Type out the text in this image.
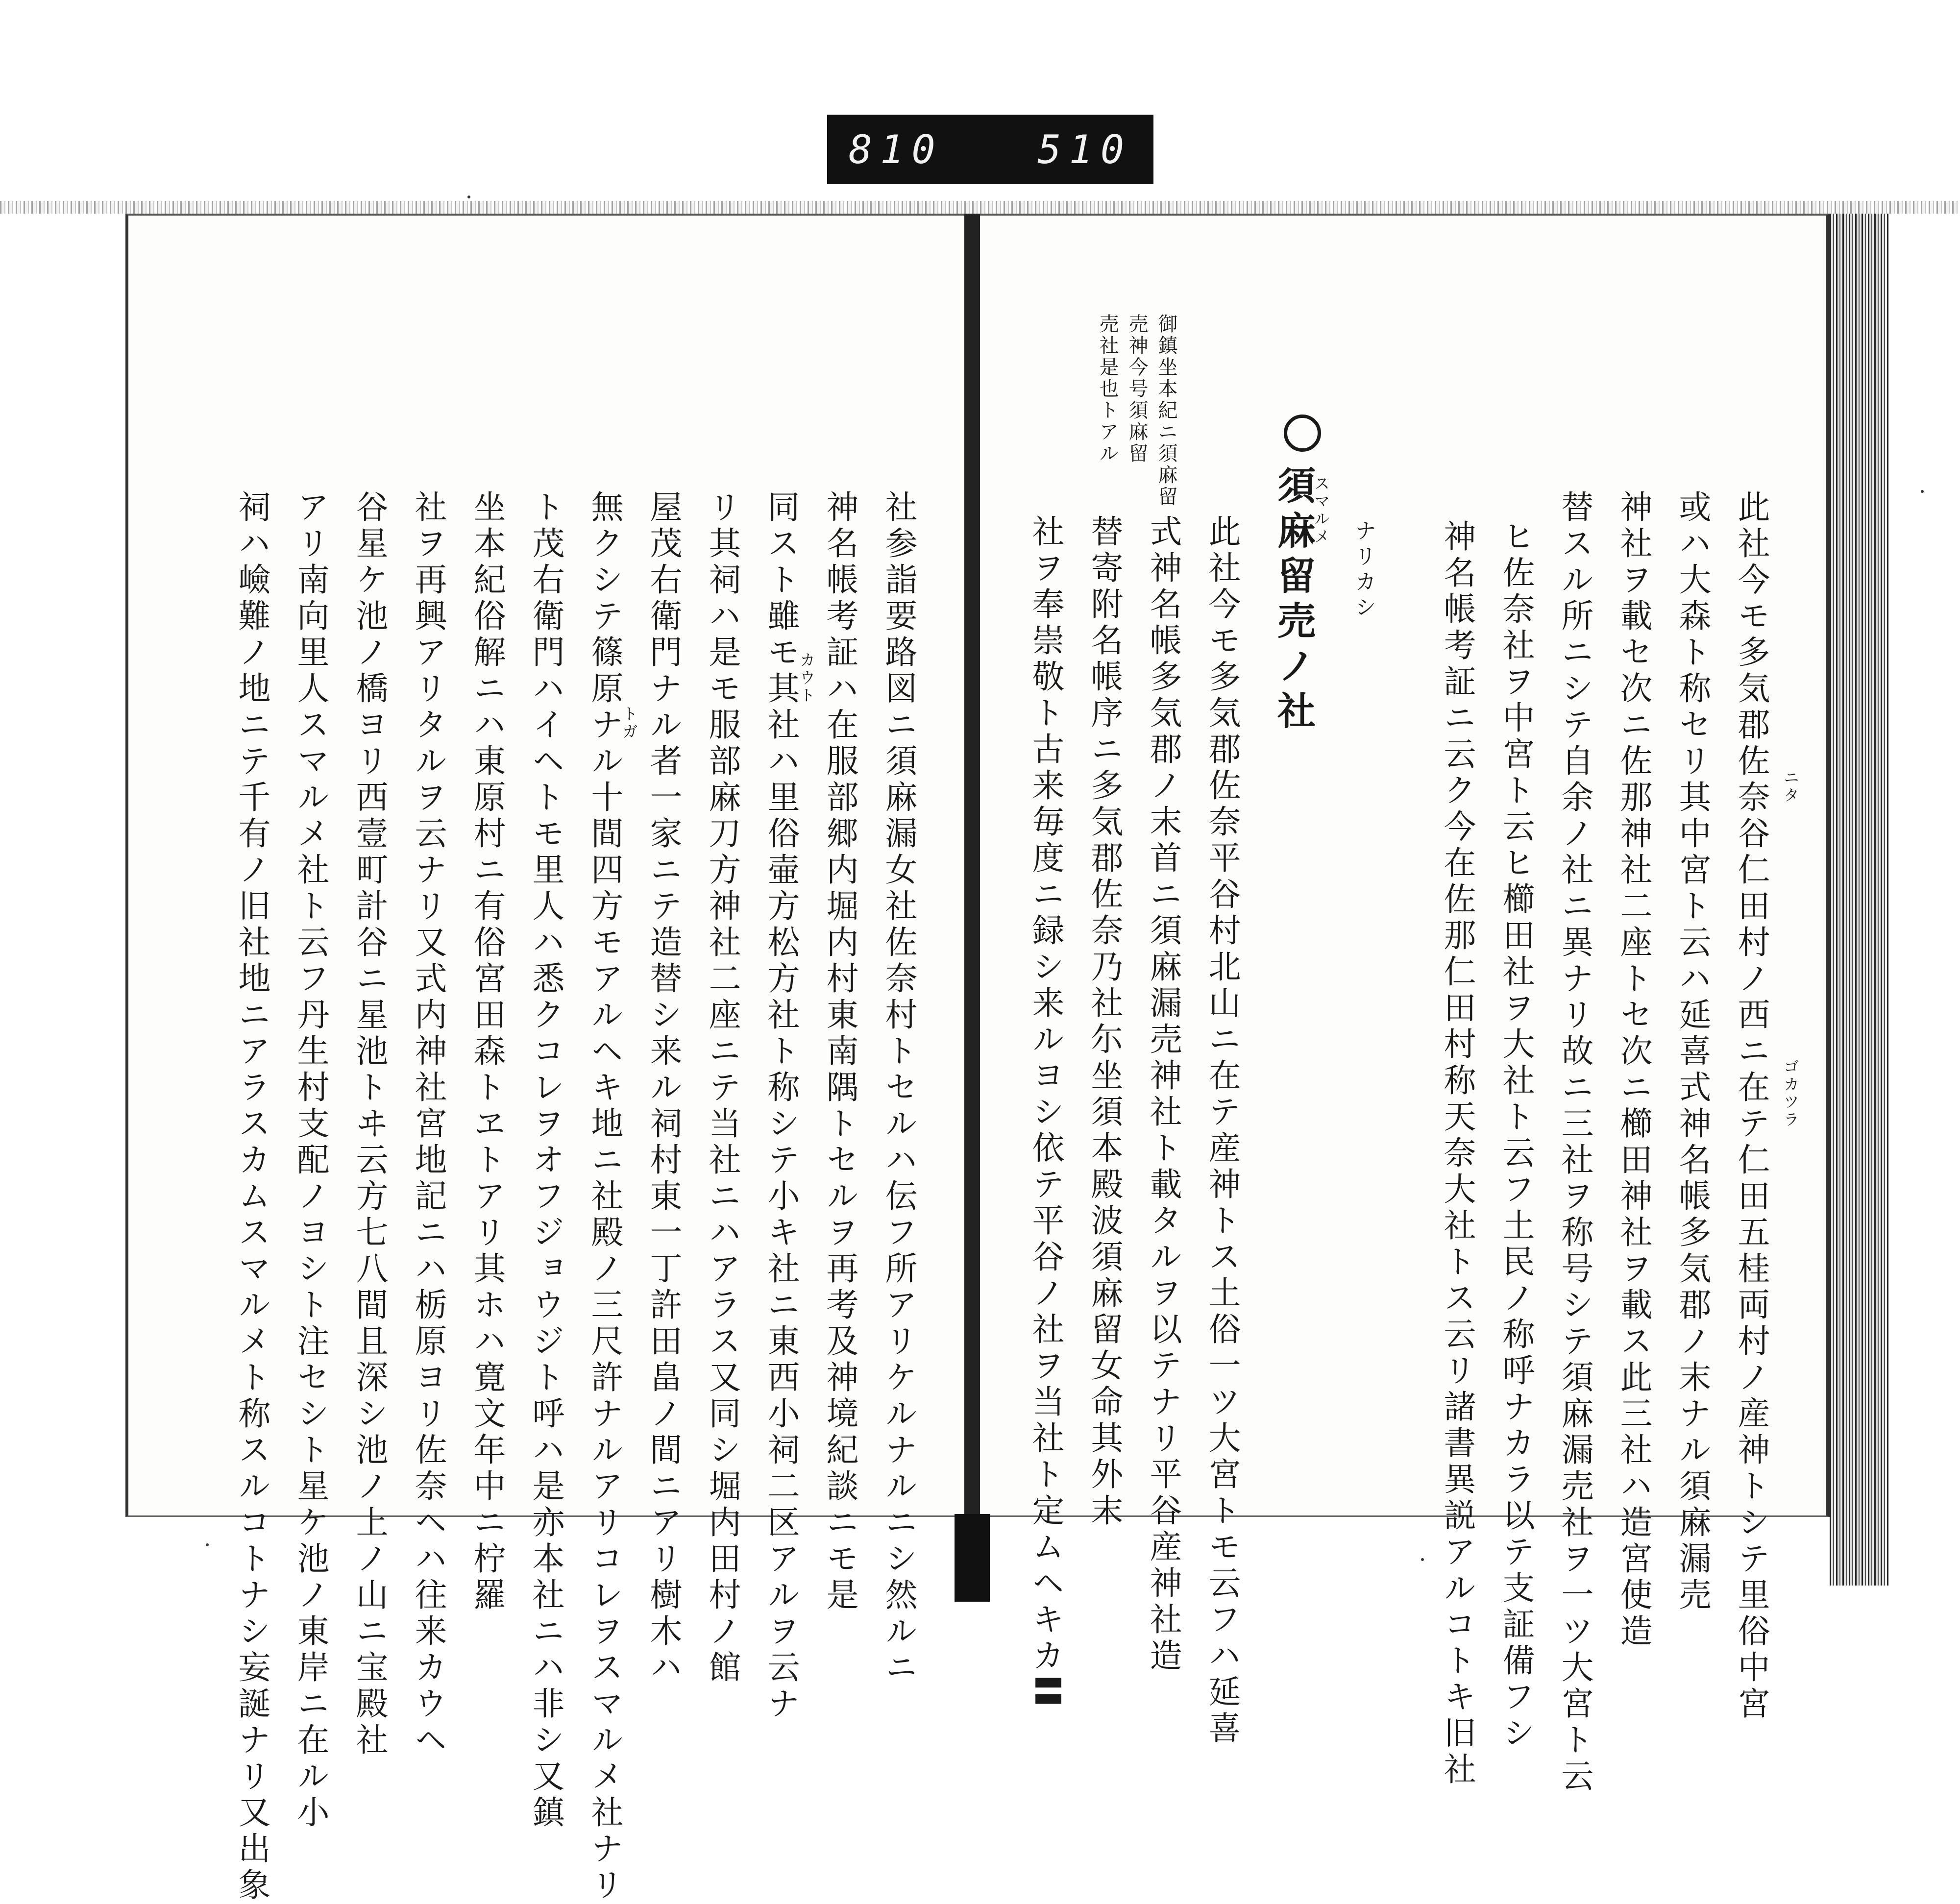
810 510
御鎮坐本紀ニ須麻留
売神今号須麻留
売社是也トアル
此社今モ多気郡佐奈谷仁田村ノ西ニ在テ仁田五桂両村ノ産神トシテ里俗中宮
或ハ大森ト称セリ其中宮ト云ハ延喜式神名帳多気郡ノ末ナル須麻漏売
神社ヲ載セ次ニ佐那神社二座トセ次ニ櫛田神社ヲ載ス此三社ハ造宮使造
替スル所ニシテ自余ノ社ニ異ナリ故ニ三社ヲ称号シテ須麻漏売社ヲ一ツ大宮ト云
ヒ佐奈社ヲ中宮ト云ヒ櫛田社ヲ大社ト云フ土民ノ称呼ナカラ以テ支証備フシ
神名帳考証ニ云ク今在佐那仁田村称天奈大社トス云リ諸書異説アルコトキ旧社
ナリカシ
須麻留売ノ社
此社今モ多気郡佐奈平谷村北山ニ在テ産神トス土俗一ツ大宮トモ云フハ延喜
式神名帳多気郡ノ末首ニ須麻漏売神社ト載タルヲ以テナリ平谷産神社造
替寄附名帳序ニ多気郡佐奈乃社尓坐須本殿波須麻留女命其外末
社ヲ奉崇敬ト古来毎度ニ録シ来ルヨシ依テ平谷ノ社ヲ当社ト定ムヘキカ〓	ニタ
ゴカツラ
スマルメ
社参詣要路図ニ須麻漏女社佐奈村トセルハ伝フ所アリケルナルニシ然ルニ
神名帳考証ハ在服部郷内堀内村東南隅トセルヲ再考及神境紀談ニモ是
同スト雖モ其社ハ里俗壷方松方社ト称シテ小キ社ニ東西小祠二区アルヲ云ナ
リ其祠ハ是モ服部麻刀方神社二座ニテ当社ニハアラス又同シ堀内田村ノ館
屋茂右衛門ナル者一家ニテ造替シ来ル祠村東一丁許田畠ノ間ニアリ樹木ハ
無クシテ篠原ナル十間四方モアルヘキ地ニ社殿ノ三尺許ナルアリコレヲスマルメ社ナリ
ト茂右衛門ハイヘトモ里人ハ悉クコレヲオフジョウジト呼ハ是亦本社ニハ非シ又鎮
坐本紀俗解ニハ東原村ニ有俗宮田森トヱトアリ其ホハ寛文年中ニ柠羅
社ヲ再興アリタルヲ云ナリ又式内神社宮地記ニハ栃原ヨリ佐奈ヘハ往来カウヘ
谷星ケ池ノ橋ヨリ西壹町計谷ニ星池トヰ云方七八間且深シ池ノ上ノ山ニ宝殿社
アリ南向里人スマルメ社ト云フ丹生村支配ノヨシト注セシト星ケ池ノ東岸ニ在ル小
祠ハ嶮難ノ地ニテ千有ノ旧社地ニアラスカムスマルメト称スルコトナシ妄誕ナリ又出象	カウト
トガ
